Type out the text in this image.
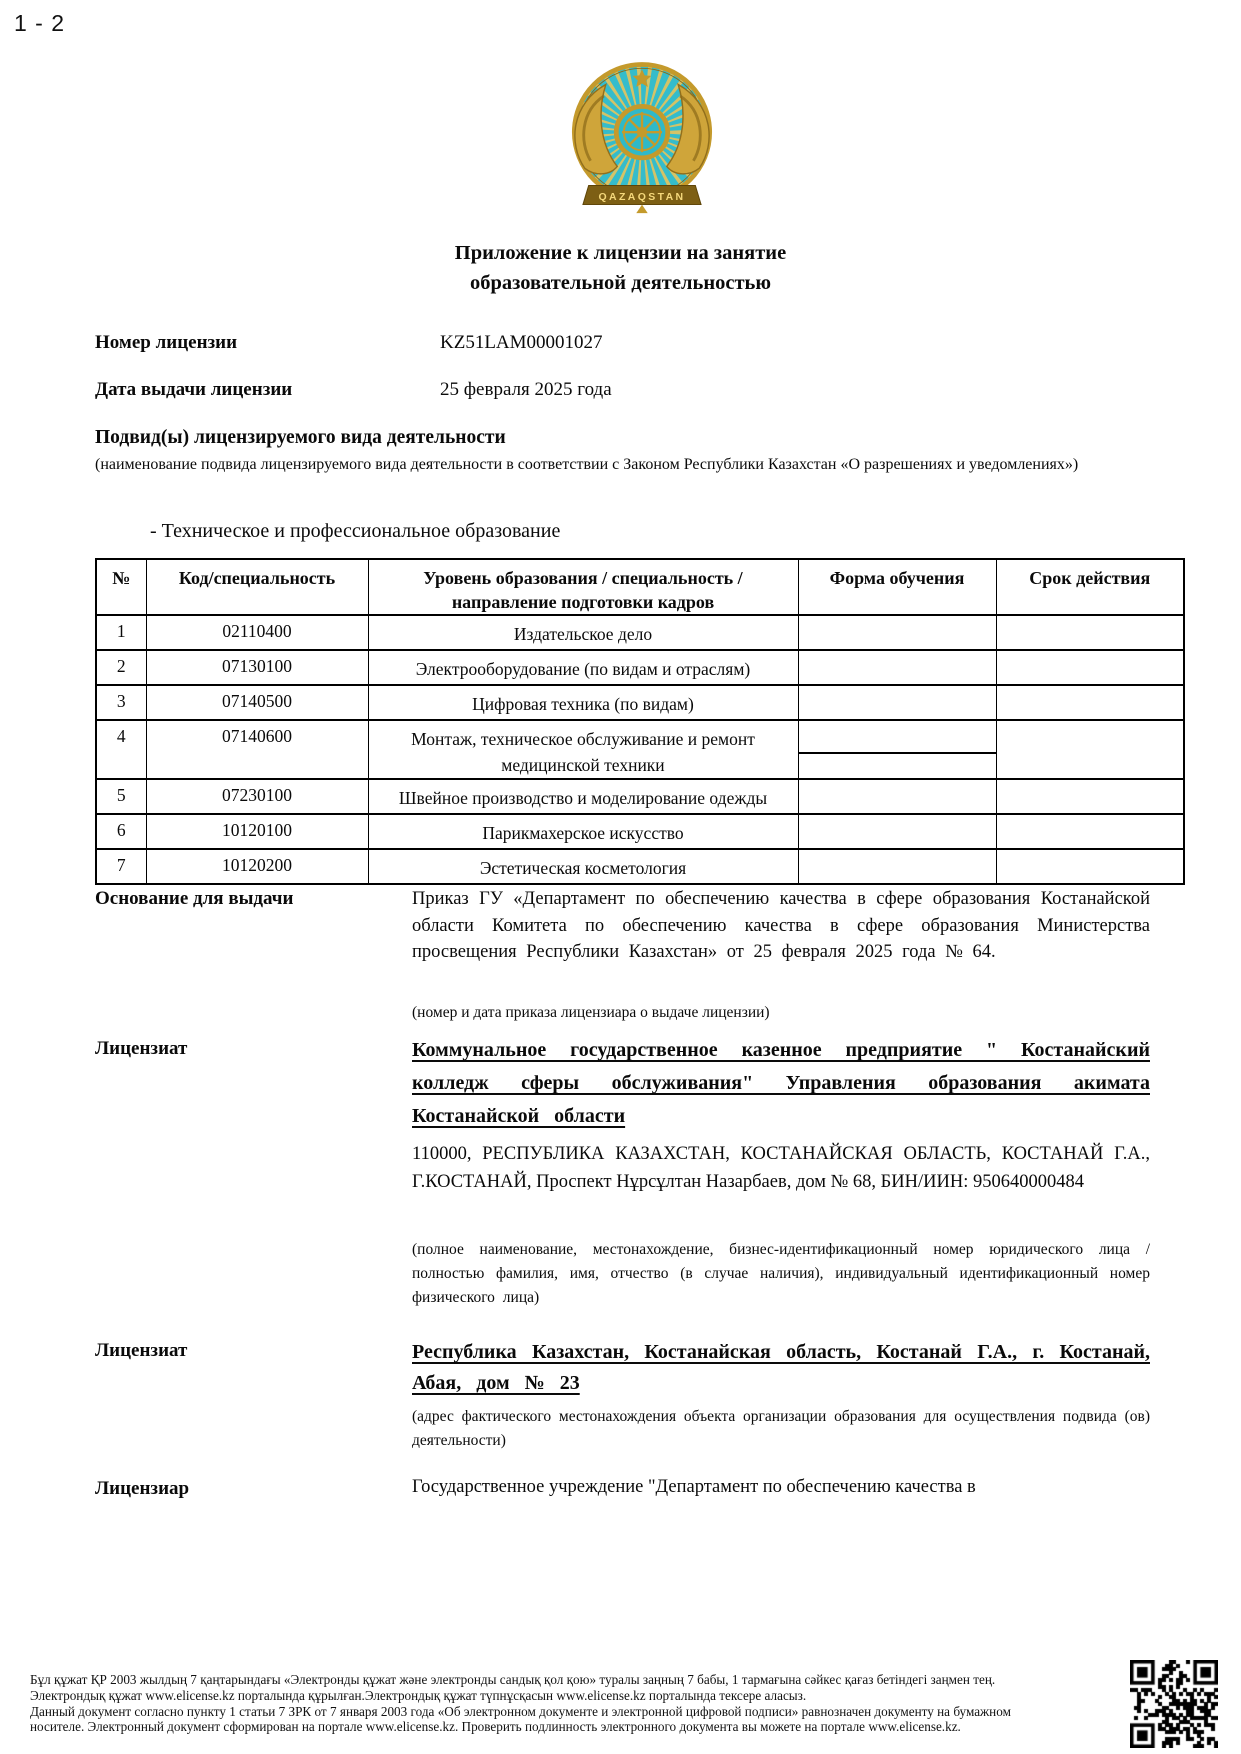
1 - 2
QAZAQSTAN
Приложение к лицензии на занятие
образовательной деятельностью
Номер лицензии	KZ51LAM00001027
Дата выдачи лицензии	25 февраля 2025 года
Подвид(ы) лицензируемого вида деятельности
(наименование подвида лицензируемого вида деятельности в соответствии с Законом Республики Казахстан «О разрешениях и уведомлениях»)
- Техническое и профессиональное образование
№	Код/специальность	Уровень образования / специальность / направление подготовки кадров	Форма обучения	Срок действия
1	02110400	Издательское дело		
2	07130100	Электрооборудование (по видам и отраслям)		
3	07140500	Цифровая техника (по видам)		
4	07140600	Монтаж, техническое обслуживание и ремонт медицинской техники	

5	07230100	Швейное производство и моделирование одежды		
6	10120100	Парикмахерское искусство		
7	10120200	Эстетическая косметология		
Основание для выдачи	Приказ ГУ «Департамент по обеспечению качества в сфере образования Костанайской области Комитета по обеспечению качества в сфере образования Министерства просвещения Республики Казахстан» от 25 февраля 2025 года № 64.
(номер и дата приказа лицензиара о выдаче лицензии)
Лицензиат	Коммунальное государственное казенное предприятие " Костанайский колледж сферы обслуживания" Управления образования акимата Костанайской области
110000, РЕСПУБЛИКА КАЗАХСТАН, КОСТАНАЙСКАЯ ОБЛАСТЬ, КОСТАНАЙ Г.А., Г.КОСТАНАЙ, Проспект Нұрсұлтан Назарбаев, дом № 68, БИН/ИИН: 950640000484
(полное наименование, местонахождение, бизнес-идентификационный номер юридического лица / полностью фамилия, имя, отчество (в случае наличия), индивидуальный идентификационный номер физического лица)
Лицензиат	Республика Казахстан, Костанайская область, Костанай Г.А., г. Костанай, Абая, дом № 23
(адрес фактического местонахождения объекта организации образования для осуществления подвида (ов) деятельности)
Лицензиар	Государственное учреждение "Департамент по обеспечению качества в
Бұл құжат ҚР 2003 жылдың 7 қаңтарындағы «Электронды құжат және электронды сандық қол қою» туралы заңның 7 бабы, 1 тармағына сәйкес қағаз бетіндегі заңмен тең.
Электрондық құжат www.elicense.kz порталында құрылған.Электрондық құжат түпнұсқасын www.elicense.kz порталында тексере аласыз.
Данный документ согласно пункту 1 статьи 7 ЗРК от 7 января 2003 года «Об электронном документе и электронной цифровой подписи» равнозначен документу на бумажном
носителе. Электронный документ сформирован на портале www.elicense.kz. Проверить подлинность электронного документа вы можете на портале www.elicense.kz.
